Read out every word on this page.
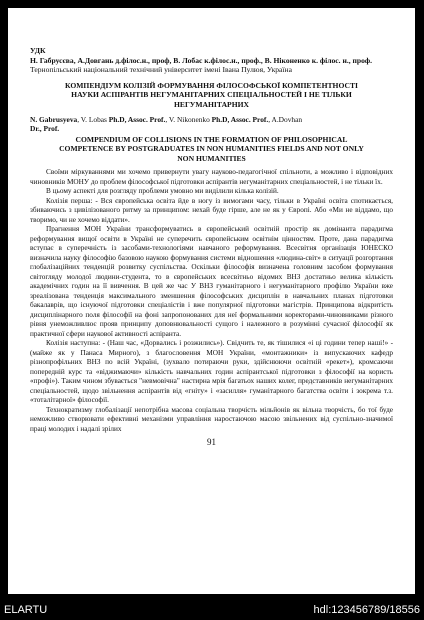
УДК
Н. Габрусєва, А.Довгань д.філос.н., проф, В. Лобас к.філос.н., проф., В. Ніконенко к. філос. н., проф.
Тернопільський національний технічний університет імені Івана Пулюя, Україна
КОМПЕНДІУМ КОЛІЗІЙ ФОРМУВАННЯ ФІЛОСОФСЬКОЇ КОМПЕТЕНТНОСТІ НАУКИ АСПІРАНТІВ НЕГУМАНІТАРНИХ СПЕЦІАЛЬНОСТЕЙ І НЕ ТІЛЬКИ НЕГУМАНІТАРНИХ
N. Gabrusyeva, V. Lobas Ph.D, Assoc. Prof., V. Nikonenko Ph.D, Assoc. Prof., A.Dovhan
Dr., Prof.
COMPENDIUM OF COLLISIONS IN THE FORMATION OF PHILOSOPHICAL COMPETENCE BY POSTGRADUATES IN NON HUMANITIES FIELDS AND NOT ONLY NON HUMANITIES

Своїми міркуваннями ми хочемо привернути увагу науково-педагогічної спільноти, а можливо і відповідних чиновників МОНУ до проблем філософської підготовки аспірантів негуманітарних спеціальностей, і не тільки їх.

В цьому аспекті для розгляду проблеми умовно ми виділили кілька колізій.

Колізія перша: - Вся європейська освіта йде в ногу із вимогами часу, тільки в Україні освіта спотикається, збиваючись з цивілізованого ритму за принципом: нехай буде гірше, але не як у Європі. Або «Ми не віддамо, що творимо, чи не хочемо віддати».

Прагнення МОН України трансформуватись в європейський освітній простір як домінанта парадигма реформування вищої освіти в Україні не суперечить європейським освітнім цінностям. Проте, дана парадигма вступає в суперечність із засобами-технологіями навчаного реформування. Всесвітня організація ЮНЕСКО визначила науку філософію базовою наукою формування системи відношення «людина-світ» в ситуації розгортання глобалізаційних тенденцій розвитку суспільства. Оскільки філософія визначена головним засобом формування світогляду молодої людини-студента, то в європейських всесвітньо відомих ВНЗ достатньо велика кількість академічних годин на її вивчення. В цей же час У ВНЗ гуманітарного і негуманітарного профілю України вже зреалізована тенденція максимального зменшення філософських дисциплін в навчальних планах підготовки бакалаврів, що існуючої підготовки спеціалістів і вже популярної підготовки магістрів. Принципова відкритість дисциплінарного поля філософії на фоні запропонованих для неї формальними коректорами-чиновниками різного рівня унеможливлює прояв принципу доповнювальності сущого і належного в розумінні сучасної філософії як практичної сфери наукової активності аспіранта.

Колізія наступна: - (Наш час, «Дорвались і розжились»). Свідчить те, як тішилися «і ці години тепер наші!» - (майже як у Панаса Мирного), з благословення МОН України, «монтажники» із випускаючих кафедр різнопрофільних ВНЗ по всій Україні, (зухвало потираючи руки, здійснюючи освітній «рекет»), кромсаючи попередній курс та «віджимаючи» кількість навчальних годин аспірантської підготовки з філософії на користь «профі»). Таким чином збувається "невмовічна" настирна мрія багатьох наших колег, представників негуманітарних спеціальностей, щодо звільнення аспірантів від «гніту» і «засилля» гуманітарного багатства освіти і зокрема т.з. «тоталітарної» філософії.

Технократизму глобалізації непотрібна масова соціальна творчість мільйонів як вільна творчість, бо тої буде неможливо створювати ефективні механізми управління наростаючою масою звільнених від суспільно-значимої праці молодих і надалі зрілих

91
ELARTU	hdl:123456789/18556
